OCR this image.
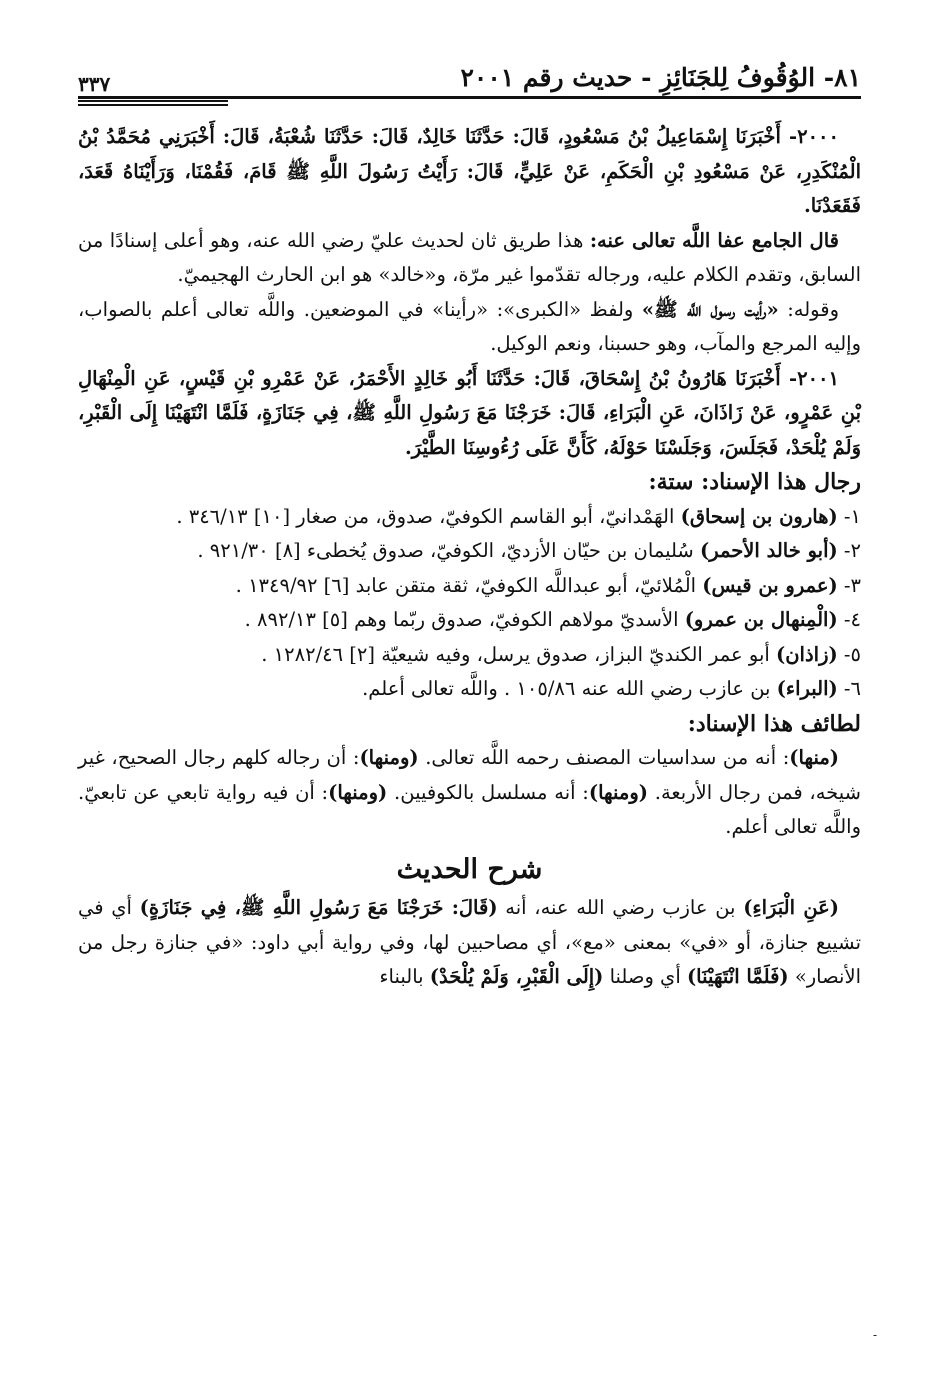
٨١- الوُقُوفُ لِلجَنَائِزِ - حديث رقم ٢٠٠١
٣٣٧

٢٠٠٠- أَخْبَرَنَا إِسْمَاعِيلُ بْنُ مَسْعُودٍ، قَالَ: حَدَّثَنَا خَالِدٌ، قَالَ: حَدَّثَنَا شُعْبَةُ، قَالَ: أَخْبَرَنِي مُحَمَّدُ بْنُ الْمُنْكَدِرِ، عَنْ مَسْعُودِ بْنِ الْحَكَمِ، عَنْ عَلِيٍّ، قَالَ: رَأَيْتُ رَسُولَ اللَّهِ ﷺ قَامَ، فَقُمْنَا، وَرَأَيْنَاهُ قَعَدَ، فَقَعَدْنَا.

قال الجامع عفا اللَّه تعالى عنه: هذا طريق ثان لحديث عليّ رضي الله عنه، وهو أعلى إسنادًا من السابق، وتقدم الكلام عليه، ورجاله تقدّموا غير مرّة، و«خالد» هو ابن الحارث الهجيميّ.

وقوله: «رأيت رسول اللَّه ﷺ» ولفظ «الكبرى»: «رأينا» في الموضعين. واللَّه تعالى أعلم بالصواب، وإليه المرجع والمآب، وهو حسبنا، ونعم الوكيل.

٢٠٠١- أَخْبَرَنَا هَارُونُ بْنُ إِسْحَاقَ، قَالَ: حَدَّثَنَا أَبُو خَالِدٍ الأَحْمَرُ، عَنْ عَمْرِو بْنِ قَيْسٍ، عَنِ الْمِنْهَالِ بْنِ عَمْرٍو، عَنْ زَاذَانَ، عَنِ الْبَرَاءِ، قَالَ: خَرَجْنَا مَعَ رَسُولِ اللَّهِ ﷺ، فِي جَنَازَةٍ، فَلَمَّا انْتَهَيْنَا إِلَى الْقَبْرِ، وَلَمْ يُلْحَدْ، فَجَلَسَ، وَجَلَسْنَا حَوْلَهُ، كَأَنَّ عَلَى رُءُوسِنَا الطَّيْرَ.

رجال هذا الإسناد: ستة:

١- (هارون بن إسحاق) الهَمْدانيّ، أبو القاسم الكوفيّ، صدوق، من صغار [١٠] ٣٤٦/١٣ .

٢- (أبو خالد الأحمر) سُليمان بن حيّان الأزديّ، الكوفيّ، صدوق يُخطىء [٨] ٩٢١/٣٠ .

٣- (عمرو بن قيس) الْمُلائيّ، أبو عبداللَّه الكوفيّ، ثقة متقن عابد [٦] ١٣٤٩/٩٢ .

٤- (الْمِنهال بن عمرو) الأسديّ مولاهم الكوفيّ، صدوق ربّما وهم [٥] ٨٩٢/١٣ .

٥- (زاذان) أبو عمر الكنديّ البزاز، صدوق يرسل، وفيه شيعيّة [٢] ١٢٨٢/٤٦ .

٦- (البراء) بن عازب رضي الله عنه ١٠٥/٨٦ . واللَّه تعالى أعلم.

لطائف هذا الإسناد:

(منها): أنه من سداسيات المصنف رحمه اللَّه تعالى. (ومنها): أن رجاله كلهم رجال الصحيح، غير شيخه، فمن رجال الأربعة. (ومنها): أنه مسلسل بالكوفيين. (ومنها): أن فيه رواية تابعي عن تابعيّ. واللَّه تعالى أعلم.

شرح الحديث

(عَنِ الْبَرَاءِ) بن عازب رضي الله عنه، أنه (قَالَ: خَرَجْنَا مَعَ رَسُولِ اللَّهِ ﷺ، فِي جَنَازَةٍ) أي في تشييع جنازة، أو «في» بمعنى «مع»، أي مصاحبين لها، وفي رواية أبي داود: «في جنازة رجل من الأنصار» (فَلَمَّا انْتَهَيْنَا) أي وصلنا (إِلَى الْقَبْرِ، وَلَمْ يُلْحَدْ) بالبناء

-
